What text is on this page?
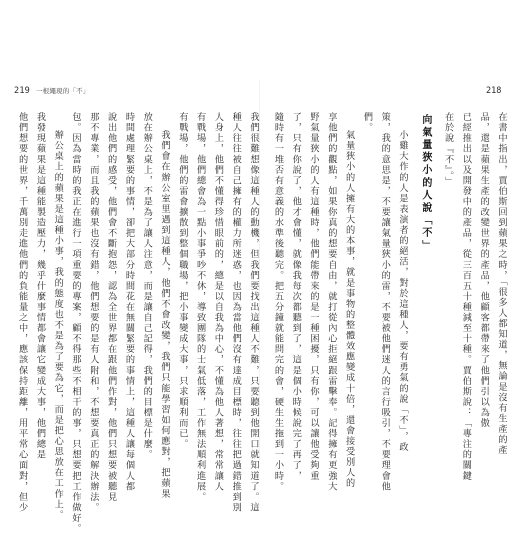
219 一根繩現的「不」	218
在書中指出，賈伯斯回到蘋果之時，「很多人都知道，無論是沒有生產的產
品，還是蘋果生產的改變世界的產品，他顧客都帶來了他們引以為傲
已經推出以及開發中的產品，從三百五十種減至十種。賈伯斯說：「專注的關鍵
在於說『不』。」
向氣量狹小的人說「不」
小雞大作的人是表演者的絕活，對於這種人，要有勇氣的說「不」，政
策，我的意思是，不要讓氣量狹小的雷，不要被他們迷人的言行吸引，不要理會他
們。
氣量狹小的人擁有大的本事，就是事物的整體效應變成十倍，還會接受別人的
享他們的觀點，如果你真的想要自由，就打從內心拒絕跟雷擊奉。記得擁有更強大
野氣量狹小的人有這種時，他們能帶來的是一種困擾，只有你，可以讓他受夠重
了，只有你說了，他才會懂，就像我每次都聽到了，這是個小時候說完了再了，
隨時有一堆否有意義的水準後聽完。把五分鐘就能問完的會，硬生生拖到一小時。
我們很難想像這種人的動機，但我們要找出這種人不難，只要聽到他開口就知道了。這
種人往往被自己擁有的權力所迷惑，也因為當他們沒有達成目標時，往往把過錯推到別
人身上，他們不懂得珍惜眼前的，總是以自我為中心，不懂為他人著想，常常讓人
有戰場，他們總會為一點小事爭吵不休，導致團隊的士氣低落，工作無法順利進展。
有戰場，他們的雷會擴散到整個職場，把小事變成大事，只求順利而已。
我們會在辦公室里遇到這種人，他們不會改變，我們只能學習如何應對，把蘋果
放在辦公桌上，不是為了讓人注意，而是讓自己記得，我們的目標是什麼。
時間處理緊要的事情，卻把大部分時間花在無關緊要的事情上，這種人讓每個人都
說出他們的感受，他們會不斷抱怨，認為全世界都在跟他們作對，他們只想要被聽見
那不專業，而且我的蘋果也沒有錯，他們想要的是有人附和，不想要真正的解決辦法。
包。因為當時的我正在進行一項重要的專案，顧不得那些不相干的事，只想要把工作做好。
辦公桌上的蘋果是這種小事，我的態度也不是為了要為它，而是把心思放在工作上。
我發現蘋果是這種能製造壓力，幾乎什麼事情都會讓它變成大事，他們總是
他們想要的世界，千萬別走進他們的負能量之中，應該保持距離，用平常心面對，但少
